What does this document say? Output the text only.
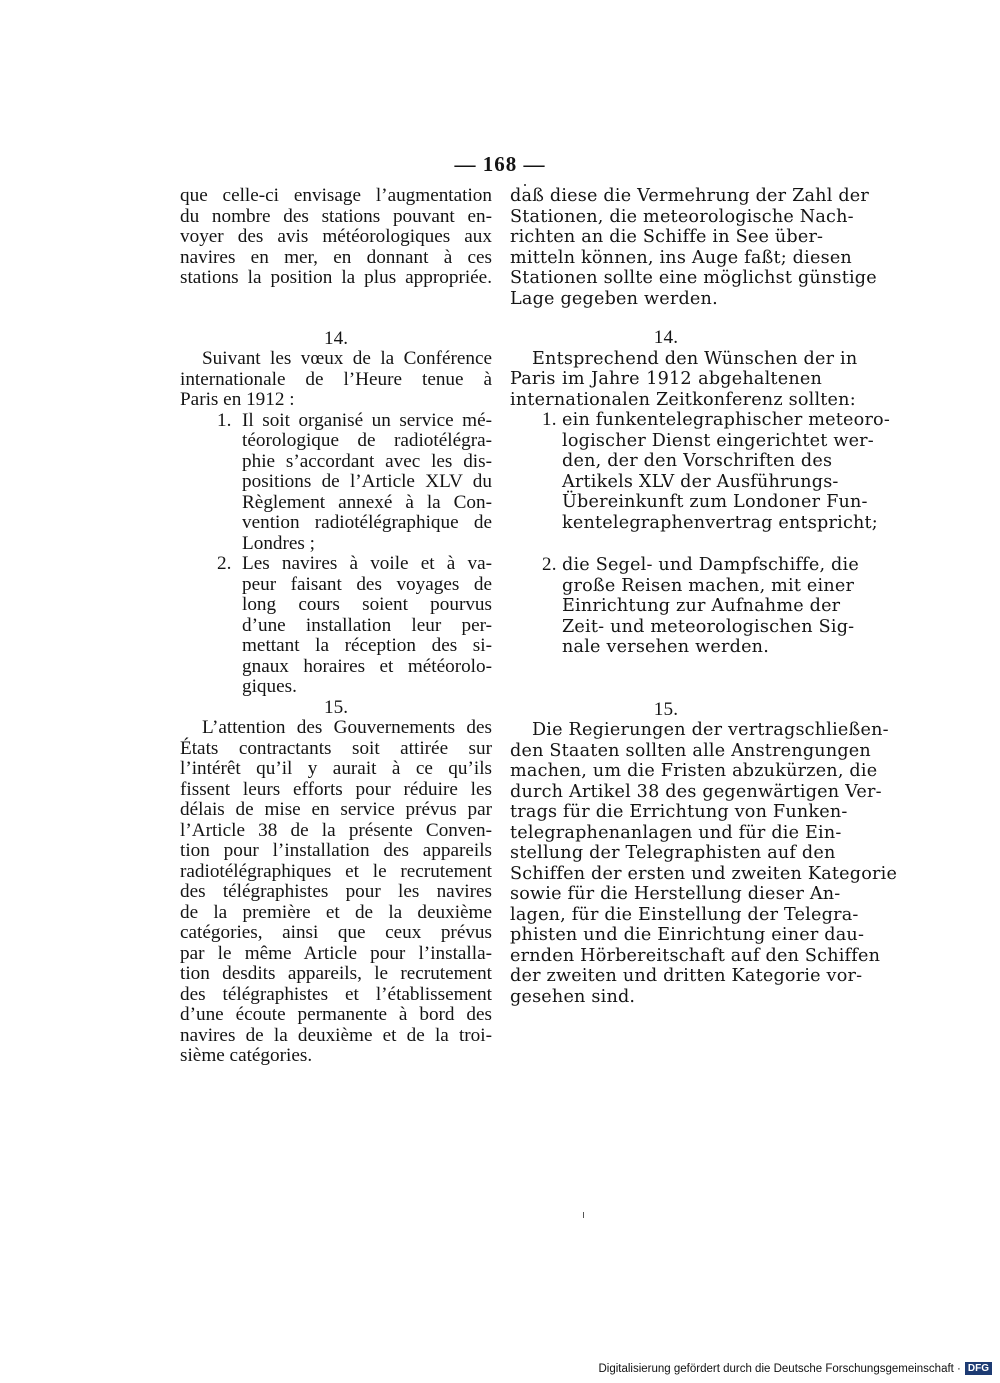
— 168 —
que celle-ci envisage l’augmentation
du nombre des stations pouvant en-
voyer des avis météorologiques aux
navires en mer, en donnant à ces
stations la position la plus appropriée.
14.
Suivant les vœux de la Conférence
internationale de l’Heure tenue à
Paris en 1912 :
1. Il soit organisé un service mé-
téorologique de radiotélégra-
phie s’accordant avec les dis-
positions de l’Article XLV du
Règlement annexé à la Con-
vention radiotélégraphique de
Londres ;
2. Les navires à voile et à va-
peur faisant des voyages de
long cours soient pourvus
d’une installation leur per-
mettant la réception des si-
gnaux horaires et météorolo-
giques.
15.
L’attention des Gouvernements des
États contractants soit attirée sur
l’intérêt qu’il y aurait à ce qu’ils
fissent leurs efforts pour réduire les
délais de mise en service prévus par
l’Article 38 de la présente Conven-
tion pour l’installation des appareils
radiotélégraphiques et le recrutement
des télégraphistes pour les navires
de la première et de la deuxième
catégories, ainsi que ceux prévus
par le même Article pour l’installa-
tion desdits appareils, le recrutement
des télégraphistes et l’établissement
d’une écoute permanente à bord des
navires de la deuxième et de la troi-
sième catégories.
daß diese die Vermehrung der Zahl der
Stationen, die meteorologische Nach-
richten an die Schiffe in See über-
mitteln können, ins Auge faßt; diesen
Stationen sollte eine möglichst günstige
Lage gegeben werden.
14.
Entsprechend den Wünschen der in
Paris im Jahre 1912 abgehaltenen
internationalen Zeitkonferenz sollten:
1. ein funkentelegraphischer meteoro-
logischer Dienst eingerichtet wer-
den, der den Vorschriften des
Artikels XLV der Ausführungs-
Übereinkunft zum Londoner Fun-
kentelegraphenvertrag entspricht;
2. die Segel- und Dampfschiffe, die
große Reisen machen, mit einer
Einrichtung zur Aufnahme der
Zeit- und meteorologischen Sig-
nale versehen werden.
15.
Die Regierungen der vertragschließen-
den Staaten sollten alle Anstrengungen
machen, um die Fristen abzukürzen, die
durch Artikel 38 des gegenwärtigen Ver-
trags für die Errichtung von Funken-
telegraphenanlagen und für die Ein-
stellung der Telegraphisten auf den
Schiffen der ersten und zweiten Kategorie
sowie für die Herstellung dieser An-
lagen, für die Einstellung der Telegra-
phisten und die Einrichtung einer dau-
ernden Hörbereitschaft auf den Schiffen
der zweiten und dritten Kategorie vor-
gesehen sind.
Digitalisierung gefördert durch die Deutsche Forschungsgemeinschaft · DFG
